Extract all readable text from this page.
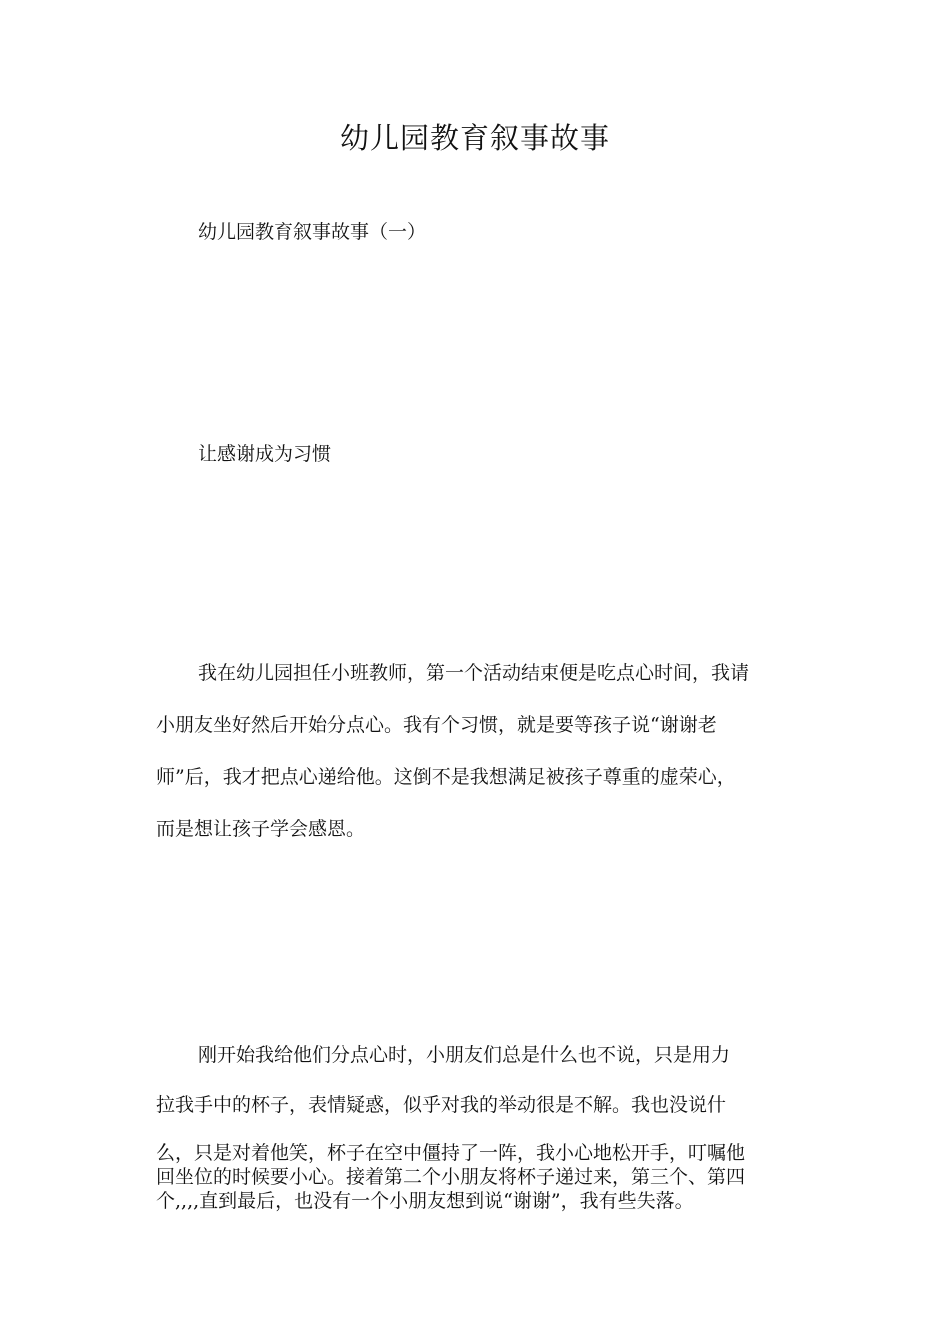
幼儿园教育叙事故事
幼儿园教育叙事故事（一）
让感谢成为习惯
我在幼儿园担任小班教师，第一个活动结束便是吃点心时间，我请
小朋友坐好然后开始分点心。我有个习惯，就是要等孩子说“谢谢老
师”后，我才把点心递给他。这倒不是我想满足被孩子尊重的虚荣心，
而是想让孩子学会感恩。
刚开始我给他们分点心时，小朋友们总是什么也不说，只是用力
拉我手中的杯子，表情疑惑，似乎对我的举动很是不解。我也没说什
么，只是对着他笑，杯子在空中僵持了一阵，我小心地松开手，叮嘱他
回坐位的时候要小心。接着第二个小朋友将杯子递过来，第三个、第四
个,,,,直到最后，也没有一个小朋友想到说“谢谢”，我有些失落。
